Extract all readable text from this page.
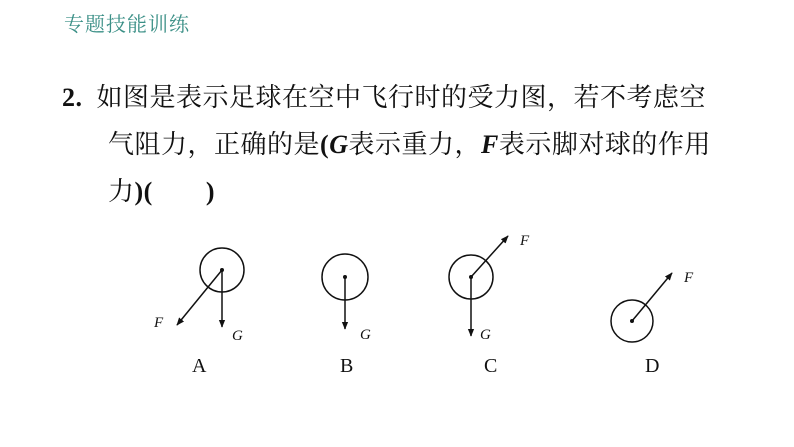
专题技能训练
2. 如图是表示足球在空中飞行时的受力图，若不考虑空
气阻力，正确的是(G表示重力，F表示脚对球的作用
力)(　　)
F
G
A
G
B
F
G
C
F
D
